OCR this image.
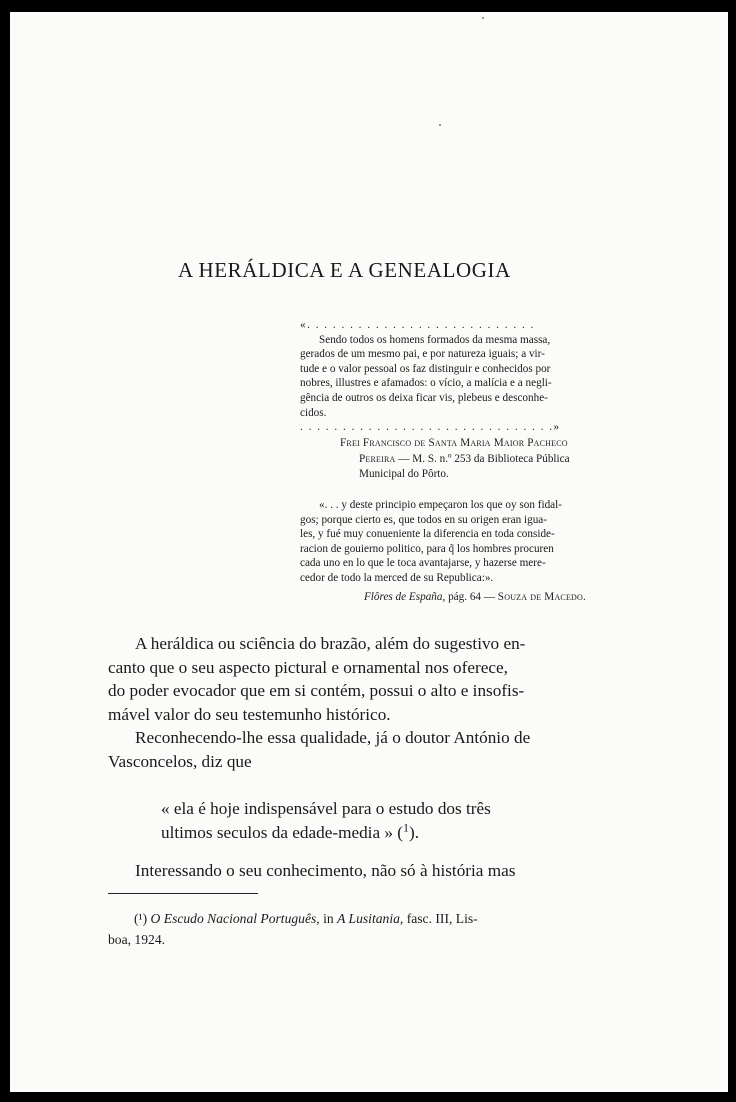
A HERÁLDICA E A GENEALOGIA

«. . . . . . . . . . . . . . . . . . . . . . . . . . .

Sendo todos os homens formados da mesma massa,

gerados de um mesmo pai, e por natureza iguais; a vir-

tude e o valor pessoal os faz distinguir e conhecidos por

nobres, illustres e afamados: o vício, a malícia e a negli-

gência de outros os deixa ficar vis, plebeus e desconhe-

cidos.

. . . . . . . . . . . . . . . . . . . . . . . . . . . . . .»

Frei Francisco de Santa Maria Maior Pacheco
Pereira — M. S. n.º 253 da Biblioteca Pública
Municipal do Pôrto.

«. . . y deste principio empeçaron los que oy son fidal-

gos; porque cierto es, que todos en su origen eran igua-

les, y fué muy conueniente la diferencia en toda conside-

racion de gouierno politico, para q̃ los hombres procuren

cada uno en lo que le toca avantajarse, y hazerse mere-

cedor de todo la merced de su Republica:».

Flôres de España, pág. 64 — Souza de Macedo.

A heráldica ou sciência do brazão, além do sugestivo en-

canto que o seu aspecto pictural e ornamental nos oferece,

do poder evocador que em si contém, possui o alto e insofis-

mável valor do seu testemunho histórico.

Reconhecendo-lhe essa qualidade, já o doutor António de

Vasconcelos, diz que

« ela é hoje indispensável para o estudo dos três
ultimos seculos da edade-media » ($^1$).

Interessando o seu conhecimento, não só à história mas

(¹) O Escudo Nacional Português, in A Lusitania, fasc. III, Lis-

boa, 1924.
